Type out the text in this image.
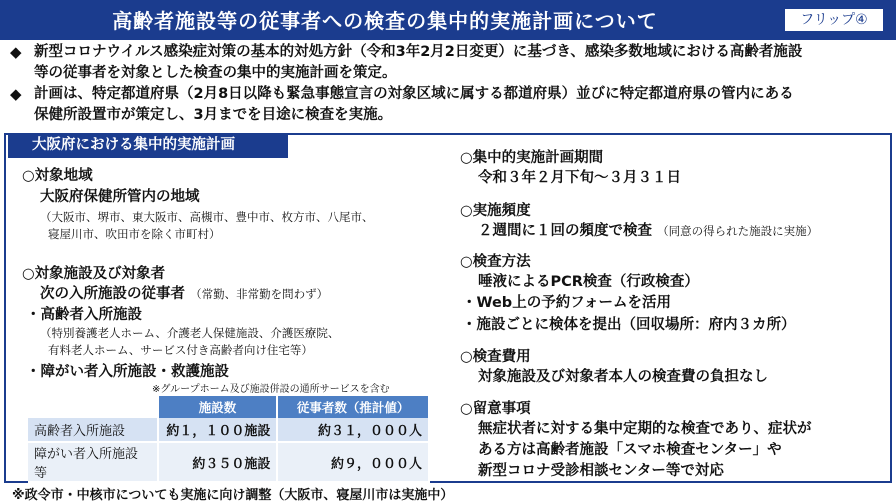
高齢者施設等の従事者への検査の集中的実施計画について	フリップ④
◆ 新型コロナウイルス感染症対策の基本的対処方針（令和3年2月2日変更）に基づき、感染多数地域における高齢者施設
等の従事者を対象とした検査の集中的実施計画を策定。
◆ 計画は、特定都道府県（2月8日以降も緊急事態宣言の対象区域に属する都道府県）並びに特定都道府県の管内にある
保健所設置市が策定し、3月までを目途に検査を実施。
大阪府における集中的実施計画
○対象地域
大阪府保健所管内の地域
（大阪市、堺市、東大阪市、高槻市、豊中市、枚方市、八尾市、
寝屋川市、吹田市を除く市町村）
○対象施設及び対象者
次の入所施設の従事者 （常勤、非常勤を問わず）
・高齢者入所施設
（特別養護老人ホーム、介護老人保健施設、介護医療院、
有料老人ホーム、サービス付き高齢者向け住宅等）
・障がい者入所施設・救護施設
※グループホーム及び施設併設の通所サービスを含む
	施設数	従事者数（推計値）
高齢者入所施設	約１，１００施設	約３１，０００人
障がい者入所施設等	約３５０施設	約９，０００人
○集中的実施計画期間
令和３年２月下旬～３月３１日
○実施頻度
２週間に１回の頻度で検査 （同意の得られた施設に実施）
○検査方法
唾液によるPCR検査（行政検査）
・Web上の予約フォームを活用
・施設ごとに検体を提出（回収場所：府内３カ所）
○検査費用
対象施設及び対象者本人の検査費の負担なし
○留意事項
無症状者に対する集中定期的な検査であり、症状が
ある方は高齢者施設「スマホ検査センター」や
新型コロナ受診相談センター等で対応
※政令市・中核市についても実施に向け調整（大阪市、寝屋川市は実施中）
